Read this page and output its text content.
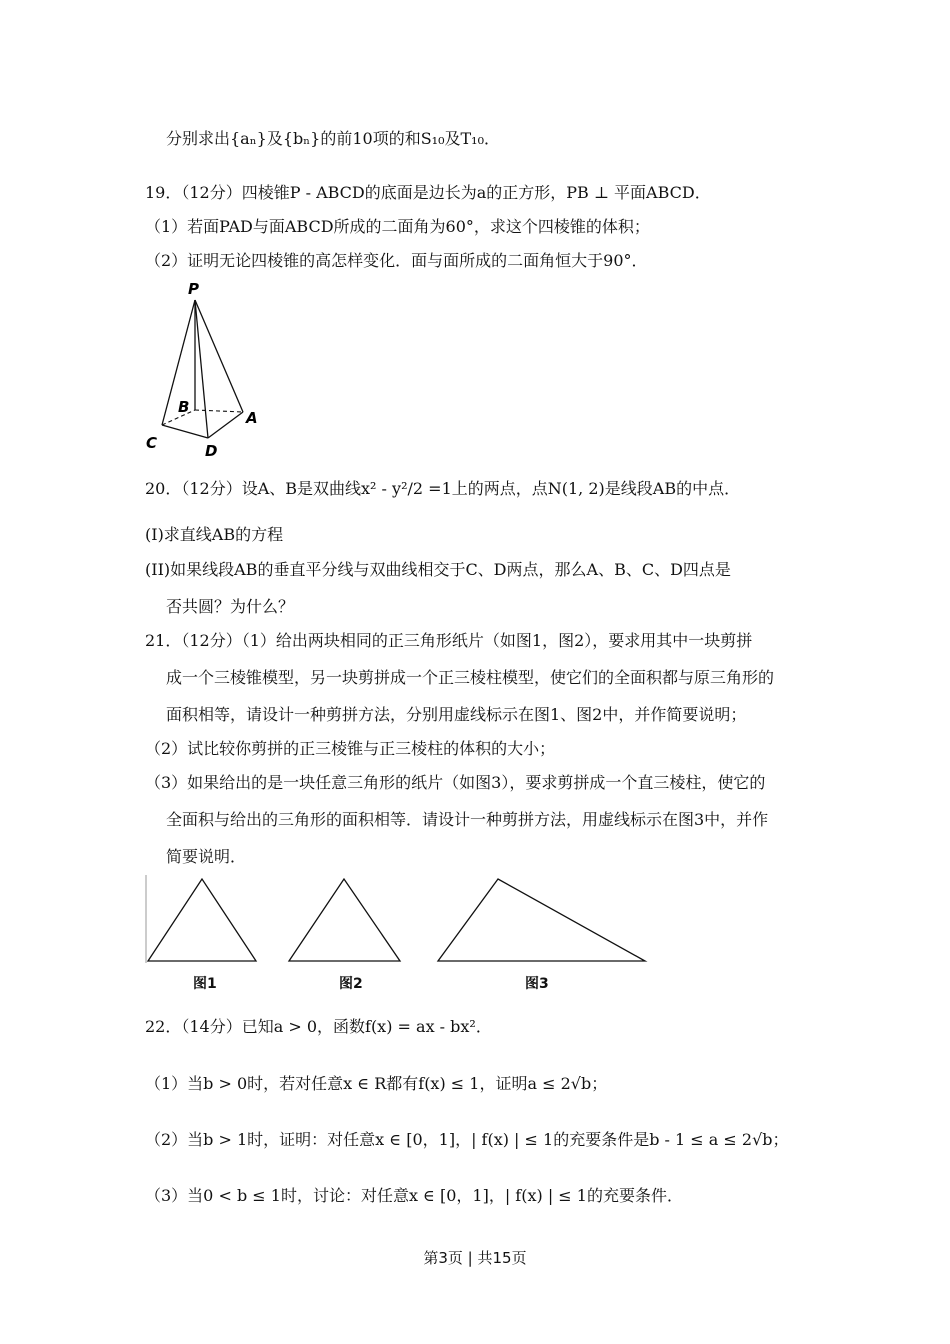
分别求出{aₙ}及{bₙ}的前10项的和S₁₀及T₁₀．
19．（12分）四棱锥P - ABCD的底面是边长为a的正方形，PB ⊥ 平面ABCD．
（1）若面PAD与面ABCD所成的二面角为60°，求这个四棱锥的体积；
（2）证明无论四棱锥的高怎样变化．面与面所成的二面角恒大于90°．
P
B
A
C	D
20．（12分）设A、B是双曲线x² - y²/2 =1上的两点，点N(1, 2)是线段AB的中点．
(I)求直线AB的方程
(II)如果线段AB的垂直平分线与双曲线相交于C、D两点，那么A、B、C、D四点是
否共圆？为什么？
21．（12分）（1）给出两块相同的正三角形纸片（如图1，图2），要求用其中一块剪拼
成一个三棱锥模型，另一块剪拼成一个正三棱柱模型，使它们的全面积都与原三角形的
面积相等，请设计一种剪拼方法，分别用虚线标示在图1、图2中，并作简要说明；
（2）试比较你剪拼的正三棱锥与正三棱柱的体积的大小；
（3）如果给出的是一块任意三角形的纸片（如图3），要求剪拼成一个直三棱柱，使它的
全面积与给出的三角形的面积相等．请设计一种剪拼方法，用虚线标示在图3中，并作
简要说明．
图1	图2	图3
22．（14分）已知a > 0，函数f(x) = ax - bx²．
（1）当b > 0时，若对任意x ∈ R都有f(x) ≤ 1，证明a ≤ 2√b；
（2）当b > 1时，证明：对任意x ∈ [0，1]，| f(x) | ≤ 1的充要条件是b - 1 ≤ a ≤ 2√b；
（3）当0 < b ≤ 1时，讨论：对任意x ∈ [0，1]，| f(x) | ≤ 1的充要条件．
第3页 | 共15页
